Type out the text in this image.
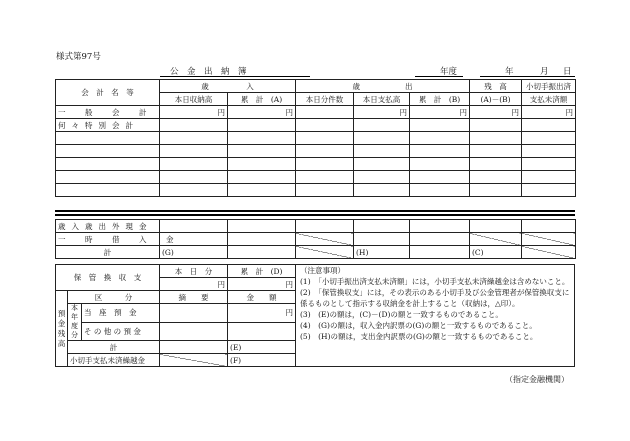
様式第97号
公　金　出　納　簿	年度	年	月 日
会　計　名　等	歳　　　　　入		歳　　　　　　出			残　高	小切手振出済
	本日収納高	累　計　(A)	本日分件数	本日支払高	累　計　(B)	(A)－(B)	支払未済額
一　般　会　計	円	円		円	円	円	円
何々特別会計							

歳入歳出外現金							
一　時　借　入　金							
計	(G)			(H)		(C)	
保　管　換　収　支			本　日　分	累　計　(D)
			円	円
預金残高	区　　　分		摘　　要	金　　額
	本年度分	当　座　預　金		円
		そ の 他 の 預 金		
	計			(E)
	小切手支払未済繰越金			(F)
（注意事項）
(1)　「小切手振出済支払未済額」には，小切手支払未済繰越金は含めないこと。
(2)　「保管換収支」には，その表示のある小切手及び公金管理者が保管換収支に係るものとして指示する収納金を計上すること（収納は，△印）。
(3)　(E)の額は，(C)－(D)の額と一致するものであること。
(4)　(G)の額は，収入金内訳票の(G)の額と一致するものであること。
(5)　(H)の額は，支出金内訳票の(G)の額と一致するものであること。
（指定金融機関）
